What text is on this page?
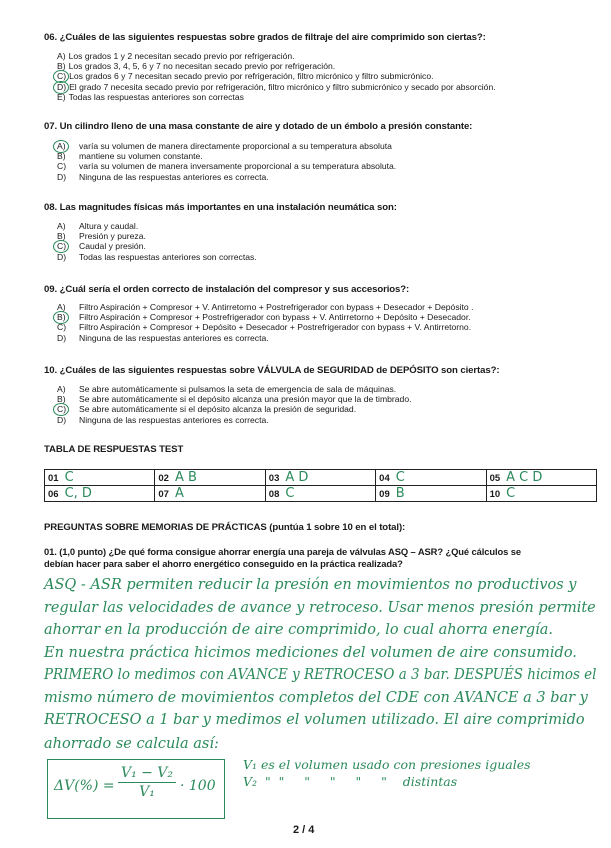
06. ¿Cuáles de las siguientes respuestas sobre grados de filtraje del aire comprimido son ciertas?:
A) Los grados 1 y 2 necesitan secado previo por refrigeración.
B) Los grados 3, 4, 5, 6 y 7 no necesitan secado previo por refrigeración.
C) Los grados 6 y 7 necesitan secado previo por refrigeración, filtro micrónico y filtro submicrónico.
D) El grado 7 necesita secado previo por refrigeración, filtro micrónico y filtro submicrónico y secado por absorción.
E) Todas las respuestas anteriores son correctas
07. Un cilindro lleno de una masa constante de aire y dotado de un émbolo a presión constante:
A)	varía su volumen de manera directamente proporcional a su temperatura absoluta
B)	mantiene su volumen constante.
C)	varía su volumen de manera inversamente proporcional a su temperatura absoluta.
D)	Ninguna de las respuestas anteriores es correcta.
08. Las magnitudes físicas más importantes en una instalación neumática son:
A)	Altura y caudal.
B)	Presión y pureza.
C)	Caudal y presión.
D)	Todas las respuestas anteriores son correctas.
09. ¿Cuál sería el orden correcto de instalación del compresor y sus accesorios?:
A)	Filtro Aspiración + Compresor + V. Antirretorno + Postrefrigerador con bypass + Desecador + Depósito .
B)	Filtro Aspiración + Compresor + Postrefrigerador con bypass + V. Antirretorno + Depósito + Desecador.
C)	Filtro Aspiración + Compresor + Depósito + Desecador + Postrefrigerador con bypass + V. Antirretorno.
D)	Ninguna de las respuestas anteriores es correcta.
10. ¿Cuáles de las siguientes respuestas sobre VÁLVULA de SEGURIDAD de DEPÓSITO son ciertas?:
A)	Se abre automáticamente si pulsamos la seta de emergencia de sala de máquinas.
B)	Se abre automáticamente si el depósito alcanza una presión mayor que la de timbrado.
C)	Se abre automáticamente si el depósito alcanza la presión de seguridad.
D)	Ninguna de las respuestas anteriores es correcta.
TABLA DE RESPUESTAS TEST
01 C	02 A B	03 A D	04 C	05 A C D
06 C, D	07 A	08 C	09 B	10 C
PREGUNTAS SOBRE MEMORIAS DE PRÁCTICAS (puntúa 1 sobre 10 en el total):
01. (1,0 punto) ¿De qué forma consigue ahorrar energía una pareja de válvulas ASQ – ASR? ¿Qué cálculos se
debían hacer para saber el ahorro energético conseguido en la práctica realizada?
ASQ - ASR permiten reducir la presión en movimientos no productivos y
regular las velocidades de avance y retroceso. Usar menos presión permite
ahorrar en la producción de aire comprimido, lo cual ahorra energía.
En nuestra práctica hicimos mediciones del volumen de aire consumido.
PRIMERO lo medimos con AVANCE y RETROCESO a 3 bar. DESPUÉS hicimos el
mismo número de movimientos completos del CDE con AVANCE a 3 bar y
RETROCESO a 1 bar y medimos el volumen utilizado. El aire comprimido
ahorrado se calcula así:
ΔV(%) =
V₁ − V₂
V₁ · 100
V₁ es el volumen usado con presiones iguales
V₂  "  "     "     "     "     "    distintas
2 / 4
